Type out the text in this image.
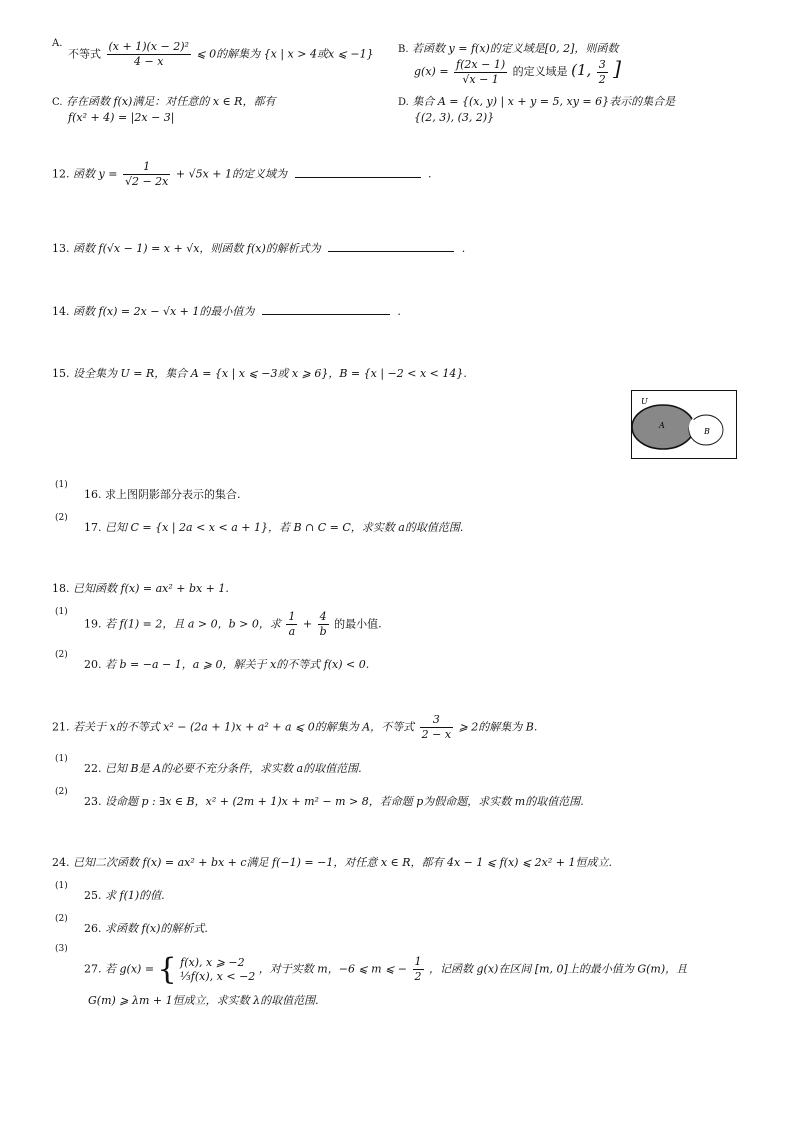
A.
不等式 $\frac{\text{(x + 1)(x − 2)²}}{4 - x}$ ⩽ 0的解集为 {x | x > 4或x ⩽ −1} B. 若函数 y = f(x)的定义域是[0, 2]，则函数
$g(x) = \frac{f(2x - 1)}{√x - 1}$ 的定义域是 (1, $\frac{3}{2}$ ]
C. 存在函数 f(x)满足：对任意的 x ∈ R，都有
f(x² + 4) = |2x − 3|
D. 集合 A = {(x, y) | x + y = 5, xy = 6}表示的集合是
{(2, 3), (3, 2)}
12. 函数 $y = \frac{1}{√2 - 2x} + √5x + 1$的定义域为	.
13. 函数 f(√x − 1) = x + √x，则函数 f(x)的解析式为	.
14. 函数 f(x) = 2x − √x + 1的最小值为	.
15. 设全集为 U = R，集合 A = {x | x ⩽ −3或 x ⩾ 6}，B = {x | −2 < x < 14}.
U
A
B
(1)
16. 求上图阴影部分表示的集合.
(2)
17. 已知 C = {x | 2a < x < a + 1}，若 B ∩ C = C，求实数 a的取值范围.
18. 已知函数 f(x) = ax² + bx + 1.
(1)
19. 若 f(1) = 2，且 a > 0，b > 0，求 $\frac{1}{a} + \frac{4}{b}$ 的最小值.
(2)
20. 若 b = −a − 1，a ⩾ 0，解关于 x的不等式 f(x) < 0.
21. 若关于 x的不等式 x² − (2a + 1)x + a² + a ⩽ 0的解集为 A，不等式 $\frac{3}{2 - x}$ ⩾ 2的解集为 B.
(1)
22. 已知 B是 A的必要不充分条件，求实数 a的取值范围.
(2)
23. 设命题 p : ∃x ∈ B，x² + (2m + 1)x + m² − m > 8，若命题 p为假命题，求实数 m的取值范围.
24. 已知二次函数 f(x) = ax² + bx + c满足 f(−1) = −1，对任意 x ∈ R，都有 4x − 1 ⩽ f(x) ⩽ 2x² + 1恒成立.
(1)
25. 求 f(1)的值.
(2)
26. 求函数 f(x)的解析式.
(3)
27. 若 g(x) = { f(x), x ⩾ −2
⅓f(x), x < −2
，对于实数 m，−6 ⩽ m ⩽ − $\frac{1}{2}$ ，记函数 g(x)在区间 [m, 0]上的最小值为 G(m)，且
G(m) ⩾ λm + 1恒成立，求实数 λ的取值范围.
